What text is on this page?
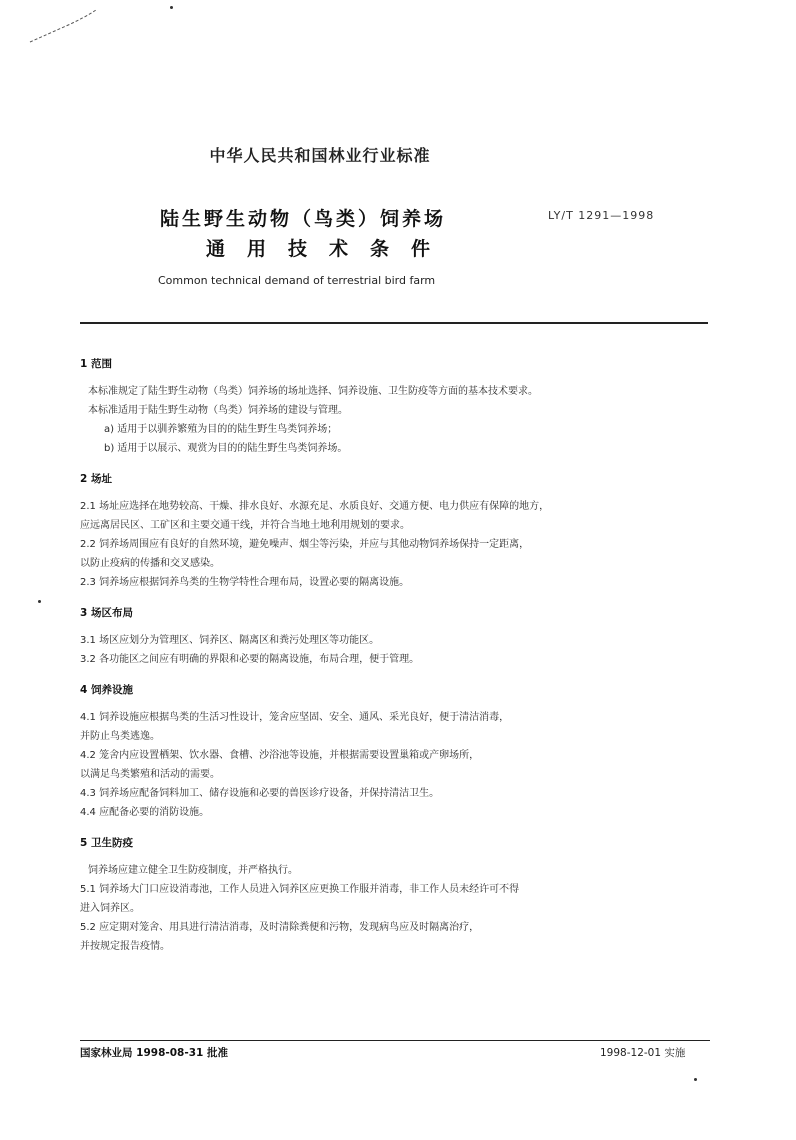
中华人民共和国林业行业标准
陆生野生动物（鸟类）饲养场
通用技术条件
LY/T 1291—1998
Common technical demand of terrestrial bird farm
1 范围

本标准规定了陆生野生动物（鸟类）饲养场的场址选择、饲养设施、卫生防疫等方面的基本技术要求。

本标准适用于陆生野生动物（鸟类）饲养场的建设与管理。

a) 适用于以驯养繁殖为目的的陆生野生鸟类饲养场；

b) 适用于以展示、观赏为目的的陆生野生鸟类饲养场。

2 场址

2.1 场址应选择在地势较高、干燥、排水良好、水源充足、水质良好、交通方便、电力供应有保障的地方，

应远离居民区、工矿区和主要交通干线，并符合当地土地利用规划的要求。

2.2 饲养场周围应有良好的自然环境，避免噪声、烟尘等污染，并应与其他动物饲养场保持一定距离，

以防止疫病的传播和交叉感染。

2.3 饲养场应根据饲养鸟类的生物学特性合理布局，设置必要的隔离设施。

3 场区布局

3.1 场区应划分为管理区、饲养区、隔离区和粪污处理区等功能区。

3.2 各功能区之间应有明确的界限和必要的隔离设施，布局合理，便于管理。

4 饲养设施

4.1 饲养设施应根据鸟类的生活习性设计，笼舍应坚固、安全、通风、采光良好，便于清洁消毒，

并防止鸟类逃逸。

4.2 笼舍内应设置栖架、饮水器、食槽、沙浴池等设施，并根据需要设置巢箱或产卵场所，

以满足鸟类繁殖和活动的需要。

4.3 饲养场应配备饲料加工、储存设施和必要的兽医诊疗设备，并保持清洁卫生。

4.4 应配备必要的消防设施。

5 卫生防疫

饲养场应建立健全卫生防疫制度，并严格执行。

5.1 饲养场大门口应设消毒池，工作人员进入饲养区应更换工作服并消毒，非工作人员未经许可不得

进入饲养区。

5.2 应定期对笼舍、用具进行清洁消毒，及时清除粪便和污物，发现病鸟应及时隔离治疗，

并按规定报告疫情。

国家林业局 1998-08-31 批准	1998-12-01 实施
